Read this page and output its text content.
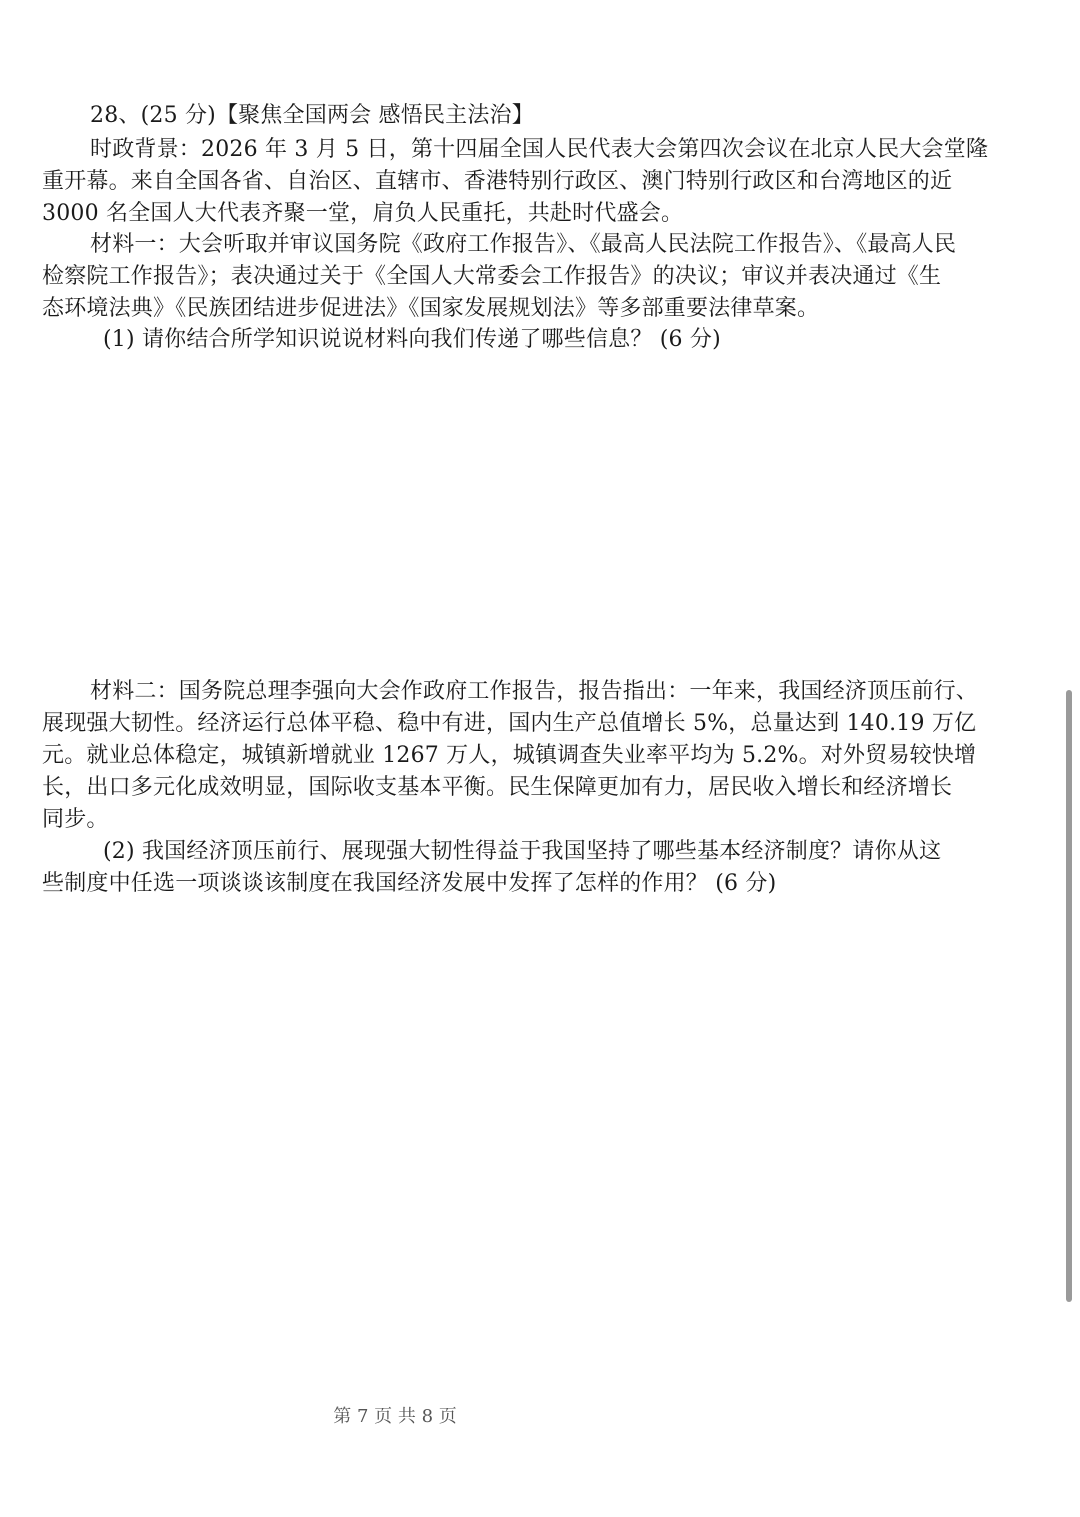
28、(25 分)【聚焦全国两会 感悟民主法治】
时政背景：2026 年 3 月 5 日，第十四届全国人民代表大会第四次会议在北京人民大会堂隆
重开幕。来自全国各省、自治区、直辖市、香港特别行政区、澳门特别行政区和台湾地区的近
3000 名全国人大代表齐聚一堂，肩负人民重托，共赴时代盛会。
材料一：大会听取并审议国务院《政府工作报告》、《最高人民法院工作报告》、《最高人民
检察院工作报告》；表决通过关于《全国人大常委会工作报告》的决议；审议并表决通过《生
态环境法典》《民族团结进步促进法》《国家发展规划法》等多部重要法律草案。
(1) 请你结合所学知识说说材料向我们传递了哪些信息？ (6 分)
材料二：国务院总理李强向大会作政府工作报告，报告指出：一年来，我国经济顶压前行、
展现强大韧性。经济运行总体平稳、稳中有进，国内生产总值增长 5%，总量达到 140.19 万亿
元。就业总体稳定，城镇新增就业 1267 万人，城镇调查失业率平均为 5.2%。对外贸易较快增
长，出口多元化成效明显，国际收支基本平衡。民生保障更加有力，居民收入增长和经济增长
同步。
(2) 我国经济顶压前行、展现强大韧性得益于我国坚持了哪些基本经济制度？请你从这
些制度中任选一项谈谈该制度在我国经济发展中发挥了怎样的作用？ (6 分)
第 7 页 共 8 页
